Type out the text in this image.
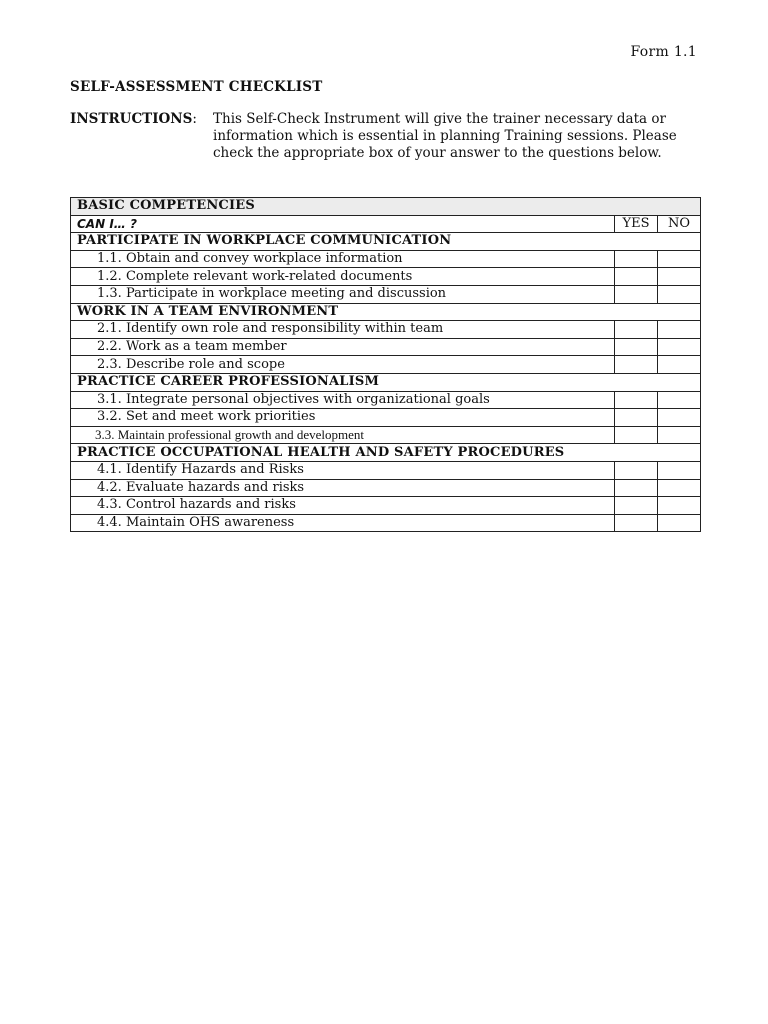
Form 1.1
SELF-ASSESSMENT CHECKLIST
INSTRUCTIONS:	This Self-Check Instrument will give the trainer necessary data or information which is essential in planning Training sessions. Please check the appropriate box of your answer to the questions below.
BASIC COMPETENCIES		
CAN I… ?	YES	NO
PARTICIPATE IN WORKPLACE COMMUNICATION		
1.1. Obtain and convey workplace information		
1.2. Complete relevant work-related documents		
1.3. Participate in workplace meeting and discussion		
WORK IN A TEAM ENVIRONMENT		
2.1. Identify own role and responsibility within team		
2.2. Work as a team member		
2.3. Describe role and scope		
PRACTICE CAREER PROFESSIONALISM		
3.1. Integrate personal objectives with organizational goals		
3.2. Set and meet work priorities		
3.3. Maintain professional growth and development		
PRACTICE OCCUPATIONAL HEALTH AND SAFETY PROCEDURES		
4.1. Identify Hazards and Risks		
4.2. Evaluate hazards and risks		
4.3. Control hazards and risks		
4.4. Maintain OHS awareness		
